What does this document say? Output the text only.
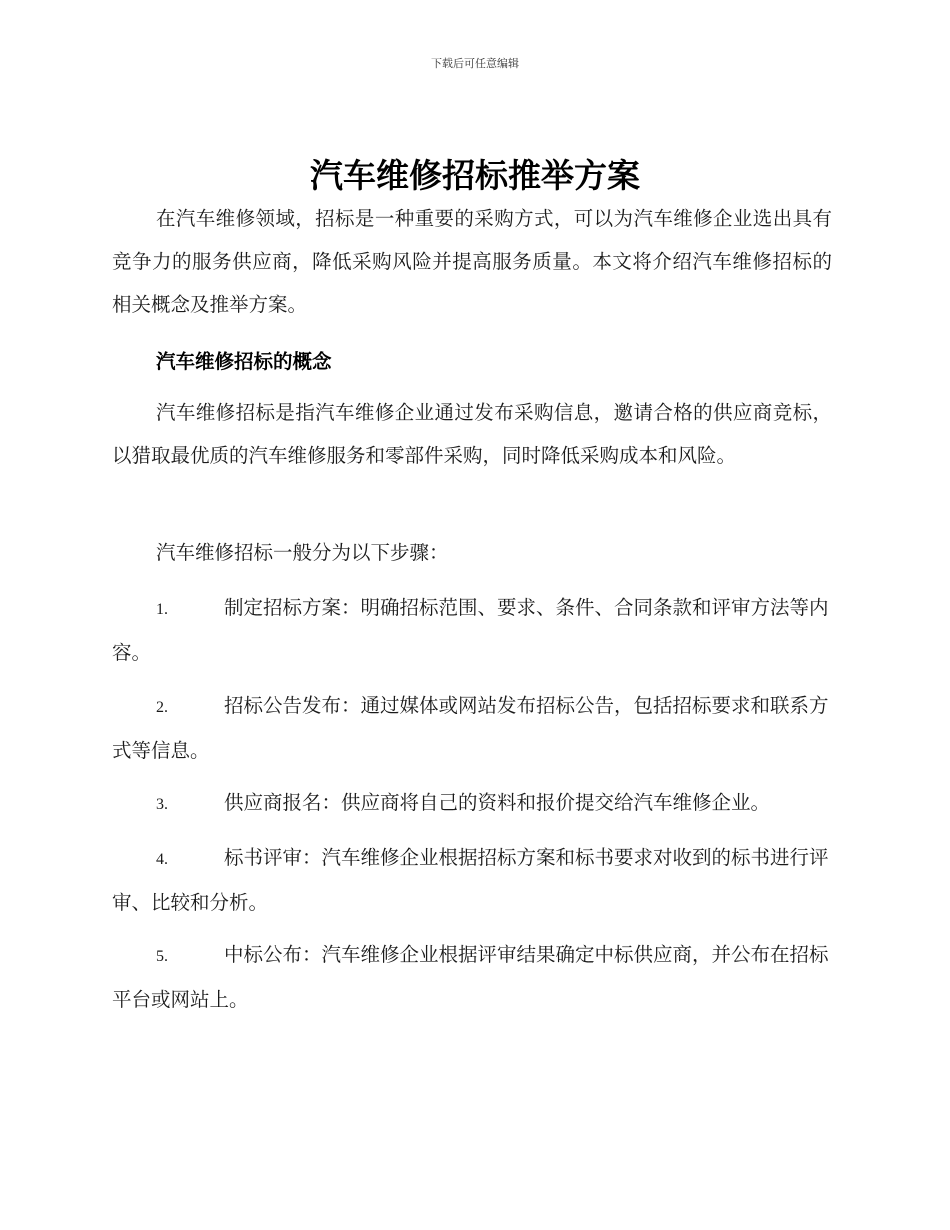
下载后可任意编辑
汽车维修招标推举方案

在汽车维修领域，招标是一种重要的采购方式，可以为汽车维修企业选出具有竞争力的服务供应商，降低采购风险并提高服务质量。本文将介绍汽车维修招标的相关概念及推举方案。

汽车维修招标的概念

汽车维修招标是指汽车维修企业通过发布采购信息，邀请合格的供应商竞标，以猎取最优质的汽车维修服务和零部件采购，同时降低采购成本和风险。

汽车维修招标一般分为以下步骤：

1.	制定招标方案：明确招标范围、要求、条件、合同条款和评审方法等内容。

2.	招标公告发布：通过媒体或网站发布招标公告，包括招标要求和联系方式等信息。

3.	供应商报名：供应商将自己的资料和报价提交给汽车维修企业。

4.	标书评审：汽车维修企业根据招标方案和标书要求对收到的标书进行评审、比较和分析。

5.	中标公布：汽车维修企业根据评审结果确定中标供应商，并公布在招标平台或网站上。
